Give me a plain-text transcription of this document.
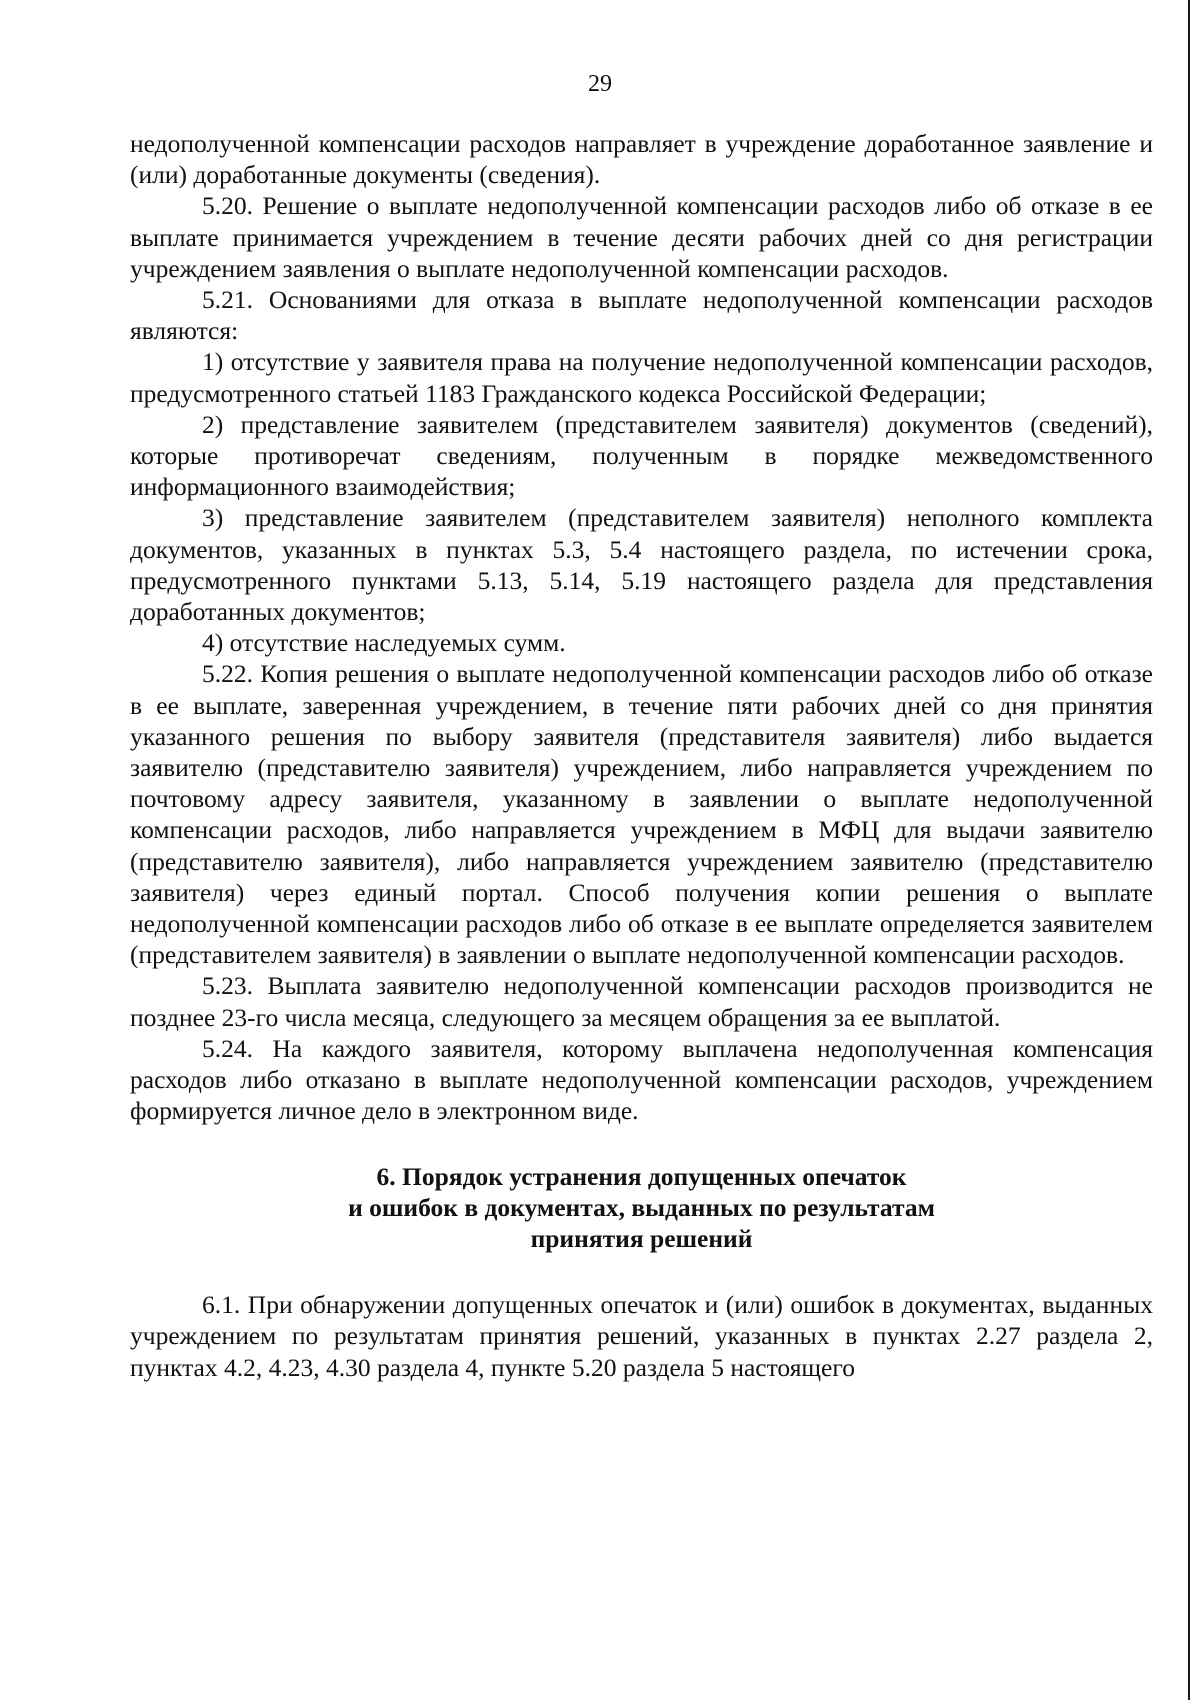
29

недополученной компенсации расходов направляет в учреждение доработанное заявление и (или) доработанные документы (сведения).

5.20. Решение о выплате недополученной компенсации расходов либо об отказе в ее выплате принимается учреждением в течение десяти рабочих дней со дня регистрации учреждением заявления о выплате недополученной компенсации расходов.

5.21. Основаниями для отказа в выплате недополученной компенсации расходов являются:

1) отсутствие у заявителя права на получение недополученной компенсации расходов, предусмотренного статьей 1183 Гражданского кодекса Российской Федерации;

2) представление заявителем (представителем заявителя) документов (сведений), которые противоречат сведениям, полученным в порядке межведомственного информационного взаимодействия;

3) представление заявителем (представителем заявителя) неполного комплекта документов, указанных в пунктах 5.3, 5.4 настоящего раздела, по истечении срока, предусмотренного пунктами 5.13, 5.14, 5.19 настоящего раздела для представления доработанных документов;

4) отсутствие наследуемых сумм.

5.22. Копия решения о выплате недополученной компенсации расходов либо об отказе в ее выплате, заверенная учреждением, в течение пяти рабочих дней со дня принятия указанного решения по выбору заявителя (представителя заявителя) либо выдается заявителю (представителю заявителя) учреждением, либо направляется учреждением по почтовому адресу заявителя, указанному в заявлении о выплате недополученной компенсации расходов, либо направляется учреждением в МФЦ для выдачи заявителю (представителю заявителя), либо направляется учреждением заявителю (представителю заявителя) через единый портал. Способ получения копии решения о выплате недополученной компенсации расходов либо об отказе в ее выплате определяется заявителем (представителем заявителя) в заявлении о выплате недополученной компенсации расходов.

5.23. Выплата заявителю недополученной компенсации расходов производится не позднее 23-го числа месяца, следующего за месяцем обращения за ее выплатой.

5.24. На каждого заявителя, которому выплачена недополученная компенсация расходов либо отказано в выплате недополученной компенсации расходов, учреждением формируется личное дело в электронном виде.

6. Порядок устранения допущенных опечаток
и ошибок в документах, выданных по результатам
принятия решений

6.1. При обнаружении допущенных опечаток и (или) ошибок в документах, выданных учреждением по результатам принятия решений, указанных в пунктах 2.27 раздела 2, пунктах 4.2, 4.23, 4.30 раздела 4, пункте 5.20 раздела 5 настоящего
